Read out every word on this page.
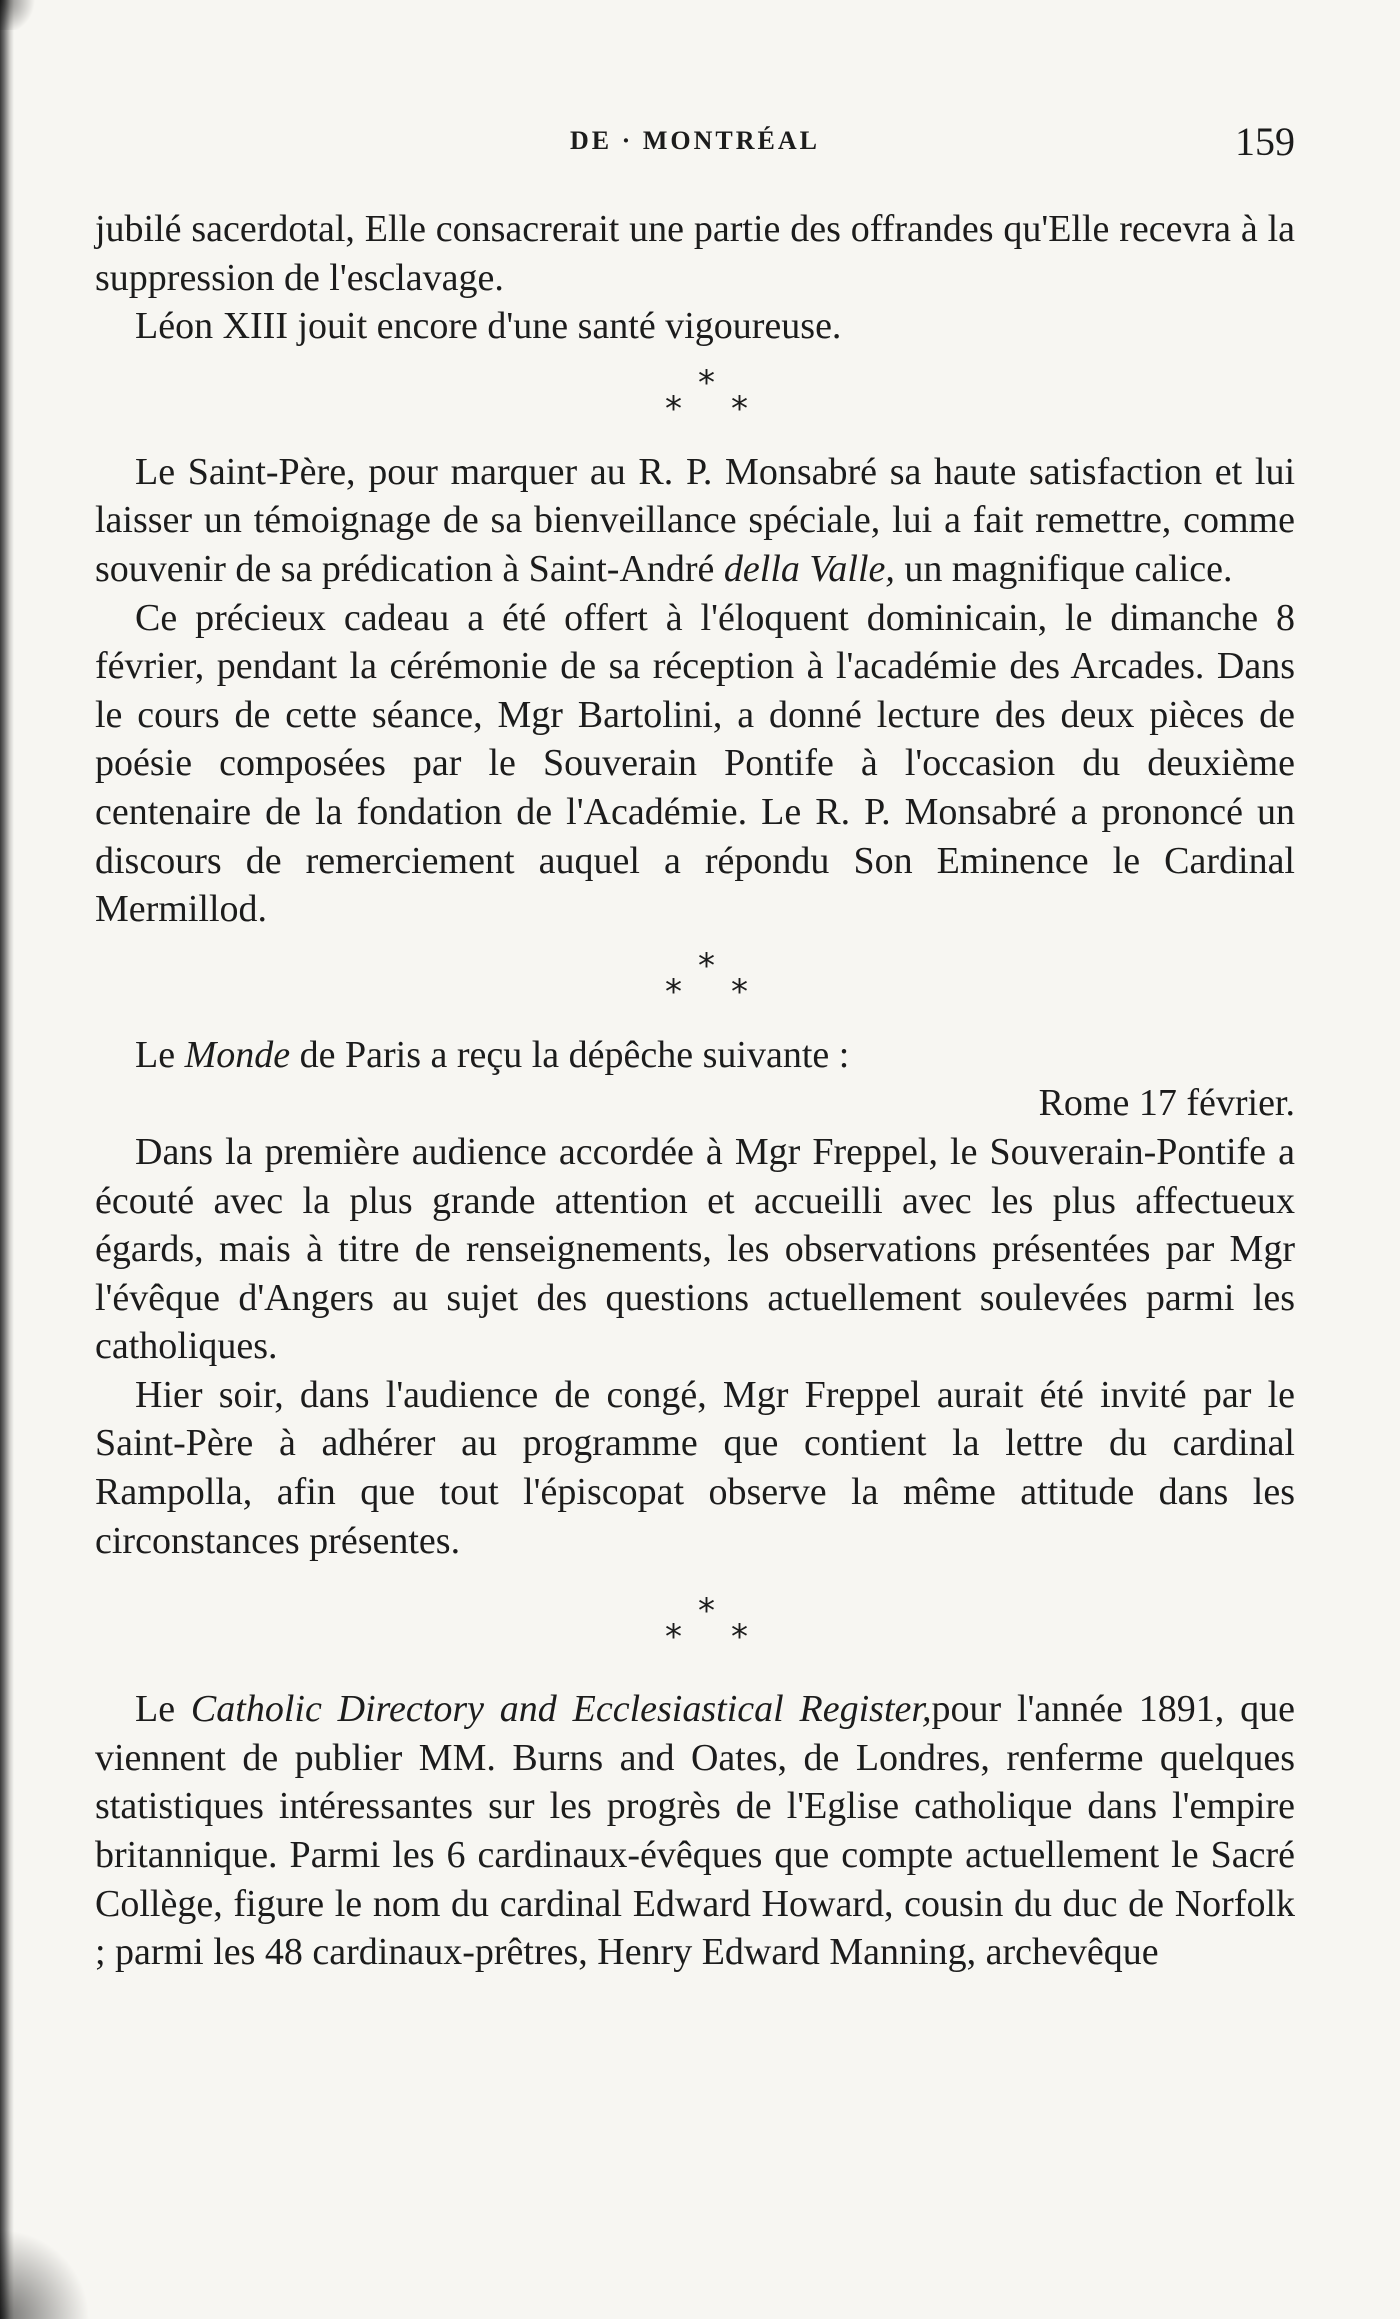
DE · MONTRÉAL	159

jubilé sacerdotal, Elle consacrerait une partie des offrandes qu'Elle recevra à la suppression de l'esclavage.

Léon XIII jouit encore d'une santé vigoureuse.

*
* *

Le Saint-Père, pour marquer au R. P. Monsabré sa haute satisfaction et lui laisser un témoignage de sa bienveillance spéciale, lui a fait remettre, comme souvenir de sa prédication à Saint-André della Valle, un magnifique calice.

Ce précieux cadeau a été offert à l'éloquent dominicain, le dimanche 8 février, pendant la cérémonie de sa réception à l'académie des Arcades. Dans le cours de cette séance, Mgr Bartolini, a donné lecture des deux pièces de poésie composées par le Souverain Pontife à l'occasion du deuxième centenaire de la fondation de l'Académie. Le R. P. Monsabré a prononcé un discours de remerciement auquel a répondu Son Eminence le Cardinal Mermillod.

*
* *

Le Monde de Paris a reçu la dépêche suivante :

Rome 17 février.

Dans la première audience accordée à Mgr Freppel, le Souverain-Pontife a écouté avec la plus grande attention et accueilli avec les plus affectueux égards, mais à titre de renseignements, les observations présentées par Mgr l'évêque d'Angers au sujet des questions actuellement soulevées parmi les catholiques.

Hier soir, dans l'audience de congé, Mgr Freppel aurait été invité par le Saint-Père à adhérer au programme que contient la lettre du cardinal Rampolla, afin que tout l'épiscopat observe la même attitude dans les circonstances présentes.

*
* *

Le Catholic Directory and Ecclesiastical Register,pour l'année 1891, que viennent de publier MM. Burns and Oates, de Londres, renferme quelques statistiques intéressantes sur les progrès de l'Eglise catholique dans l'empire britannique. Parmi les 6 cardinaux-évêques que compte actuellement le Sacré Collège, figure le nom du cardinal Edward Howard, cousin du duc de Norfolk ; parmi les 48 cardinaux-prêtres, Henry Edward Manning, archevêque
